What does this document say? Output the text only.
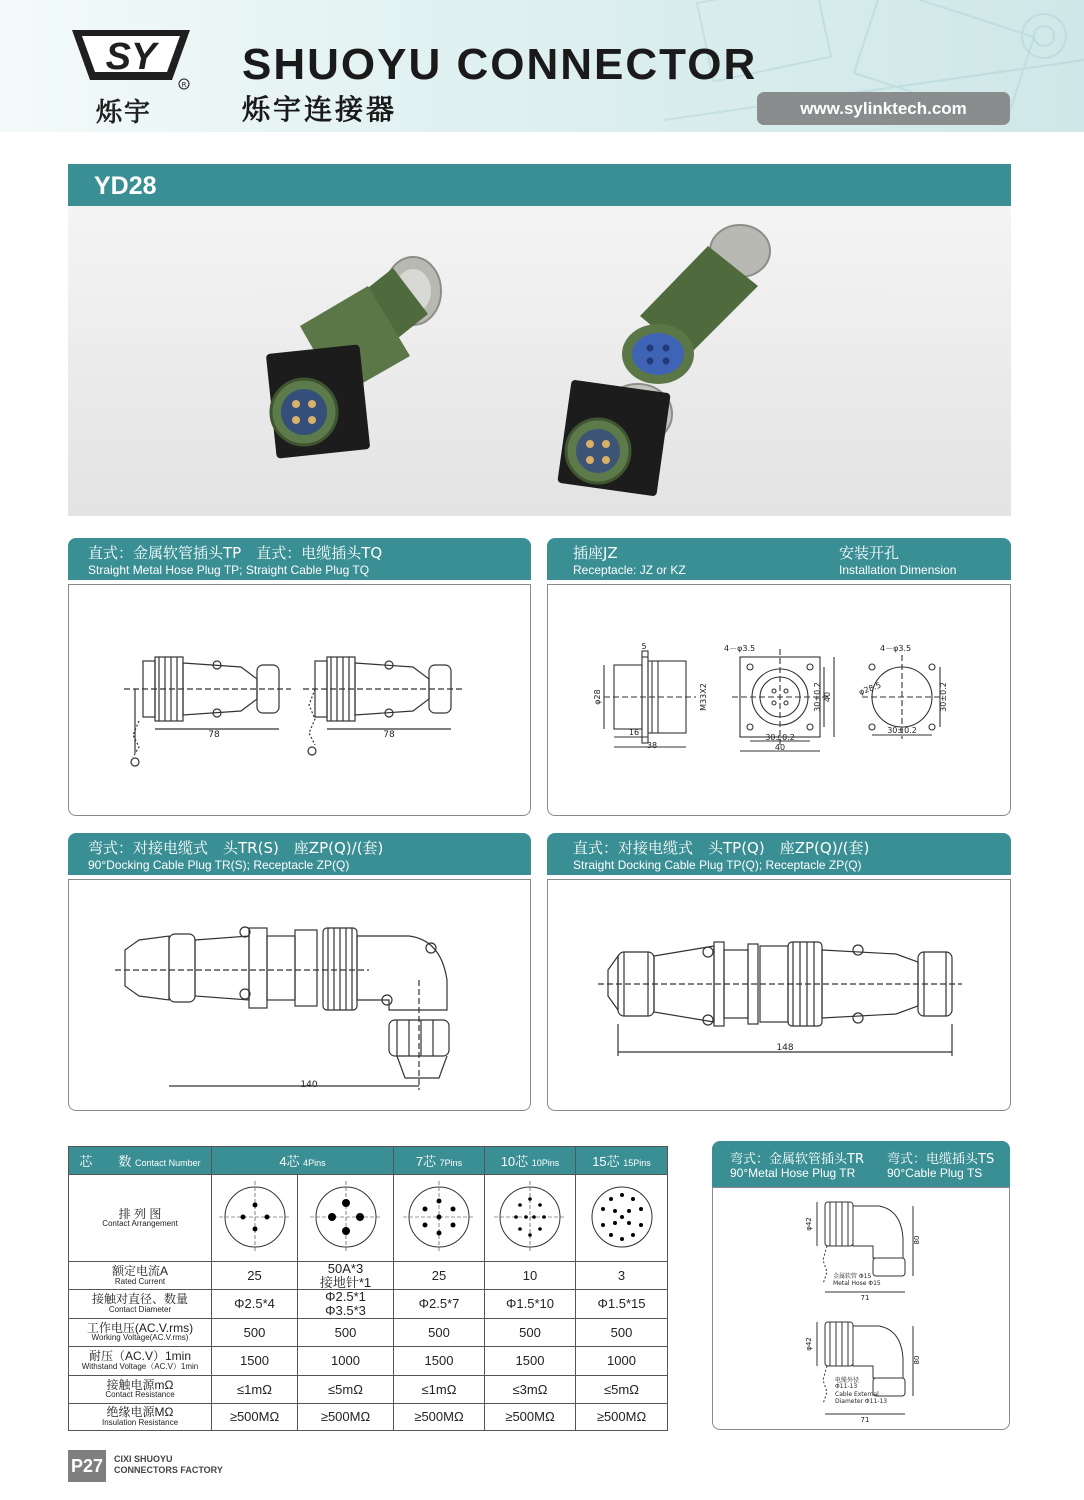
SY
R
烁宇
SHUOYU CONNECTOR
烁宇连接器	www.sylinktech.com
YD28
直式：金属软管插头TP　直式：电缆插头TQ
Straight Metal Hose Plug TP; Straight Cable Plug TQ
78	78
插座JZ
Receptacle: JZ or KZ
安装开孔
Installation Dimension
5
φ28
16
38
M33X2
4－φ3.5
30±0.2
40
30±0.2 40
4－φ3.5
φ28.5
30±0.2
30±0.2
弯式：对接电缆式　头TR(S)　座ZP(Q)/(套)
90°Docking Cable Plug TR(S); Receptacle ZP(Q)
140
直式：对接电缆式　头TP(Q)　座ZP(Q)/(套)
Straight Docking Cable Plug TP(Q); Receptacle ZP(Q)
148
芯　　数 Contact Number	4芯 4Pins		7芯 7Pins	10芯 10Pins	15芯 15Pins

排 列 图
Contact Arrangement

额定电流A
Rated Current	25	50A*3
接地针*1	25	10	3

接触对直径、数量
Contact Diameter	Φ2.5*4	Φ2.5*1
Φ3.5*3	Φ2.5*7	Φ1.5*10	Φ1.5*15

工作电压(AC.V.rms)
Working Voltage(AC.V.rms)	500	500	500	500	500

耐压（AC.V）1min
Withstand Voltage（AC.V）1min	1500	1000	1500	1500	1000

接触电源mΩ
Contact Resistance	≤1mΩ	≤5mΩ	≤1mΩ	≤3mΩ	≤5mΩ

绝缘电源MΩ
Insulation Resistance	≥500MΩ	≥500MΩ	≥500MΩ	≥500MΩ	≥500MΩ
弯式：金属软管插头TR
90°Metal Hose Plug TR
弯式：电缆插头TS
90°Cable Plug TS
φ42
80
71
金属软管 Φ15
Metal Hose Φ15
φ42
80
71
电缆外径
Φ11-13
Cable External
Diameter Φ11-13
P27	CIXI SHUOYU
CONNECTORS FACTORY
